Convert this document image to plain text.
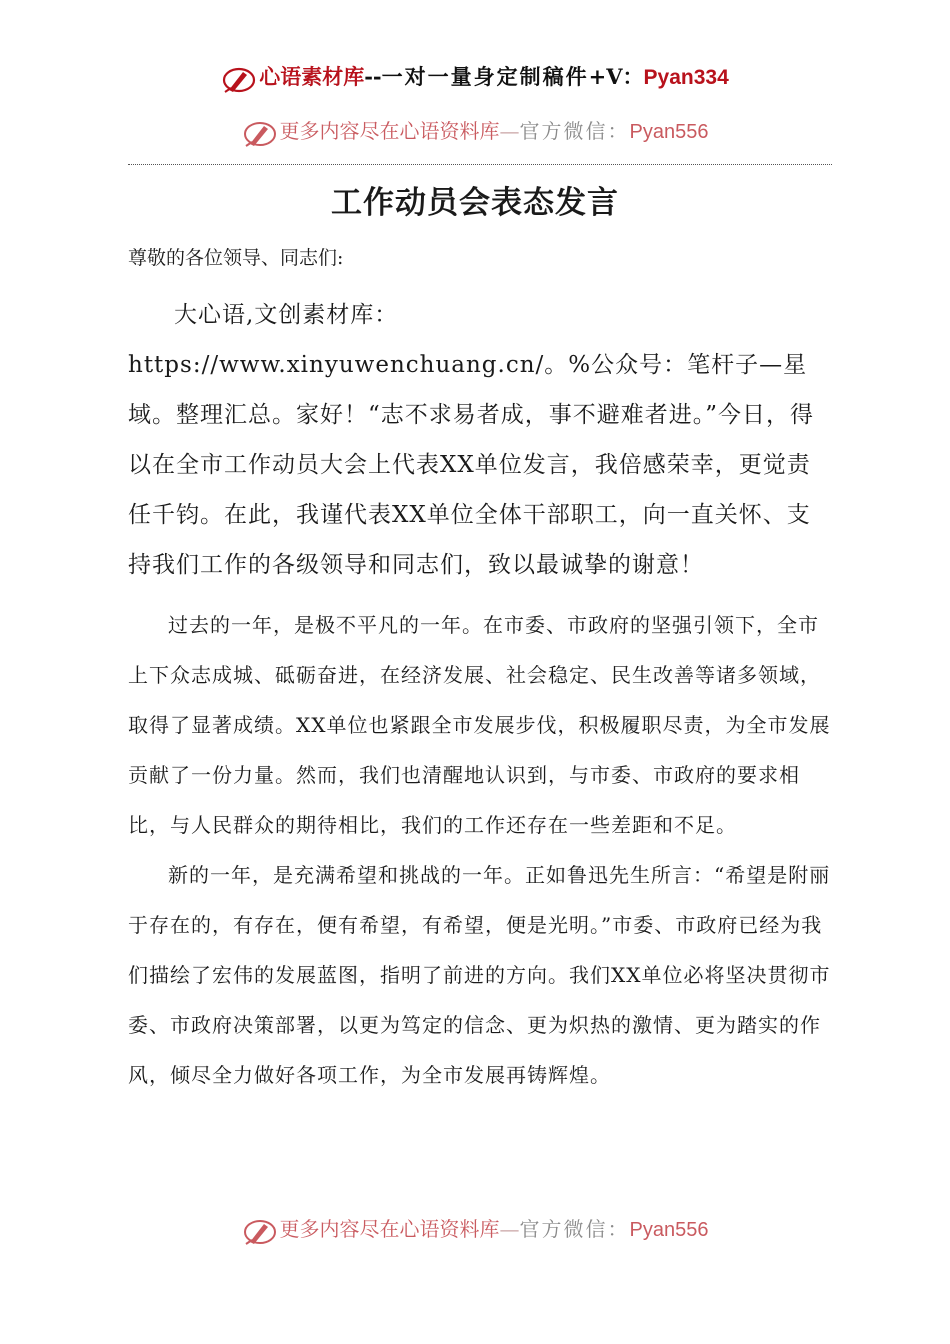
心语素材库--一对一量身定制稿件+V：Pyan334
更多内容尽在心语资料库—官方微信：Pyan556
工作动员会表态发言

尊敬的各位领导、同志们:

大心语,文创素材库：https://www.xinyuwenchuang.cn/。%公众号：笔杆子—星域。整理汇总。家好！“志不求易者成，事不避难者进。”今日，得以在全市工作动员大会上代表XX单位发言，我倍感荣幸，更觉责任千钧。在此，我谨代表XX单位全体干部职工，向一直关怀、支持我们工作的各级领导和同志们，致以最诚挚的谢意！

过去的一年，是极不平凡的一年。在市委、市政府的坚强引领下，全市上下众志成城、砥砺奋进，在经济发展、社会稳定、民生改善等诸多领域，取得了显著成绩。XX单位也紧跟全市发展步伐，积极履职尽责，为全市发展贡献了一份力量。然而，我们也清醒地认识到，与市委、市政府的要求相比，与人民群众的期待相比，我们的工作还存在一些差距和不足。

新的一年，是充满希望和挑战的一年。正如鲁迅先生所言：“希望是附丽于存在的，有存在，便有希望，有希望，便是光明。”市委、市政府已经为我们描绘了宏伟的发展蓝图，指明了前进的方向。我们XX单位必将坚决贯彻市委、市政府决策部署，以更为笃定的信念、更为炽热的激情、更为踏实的作风，倾尽全力做好各项工作，为全市发展再铸辉煌。

更多内容尽在心语资料库—官方微信：Pyan556
